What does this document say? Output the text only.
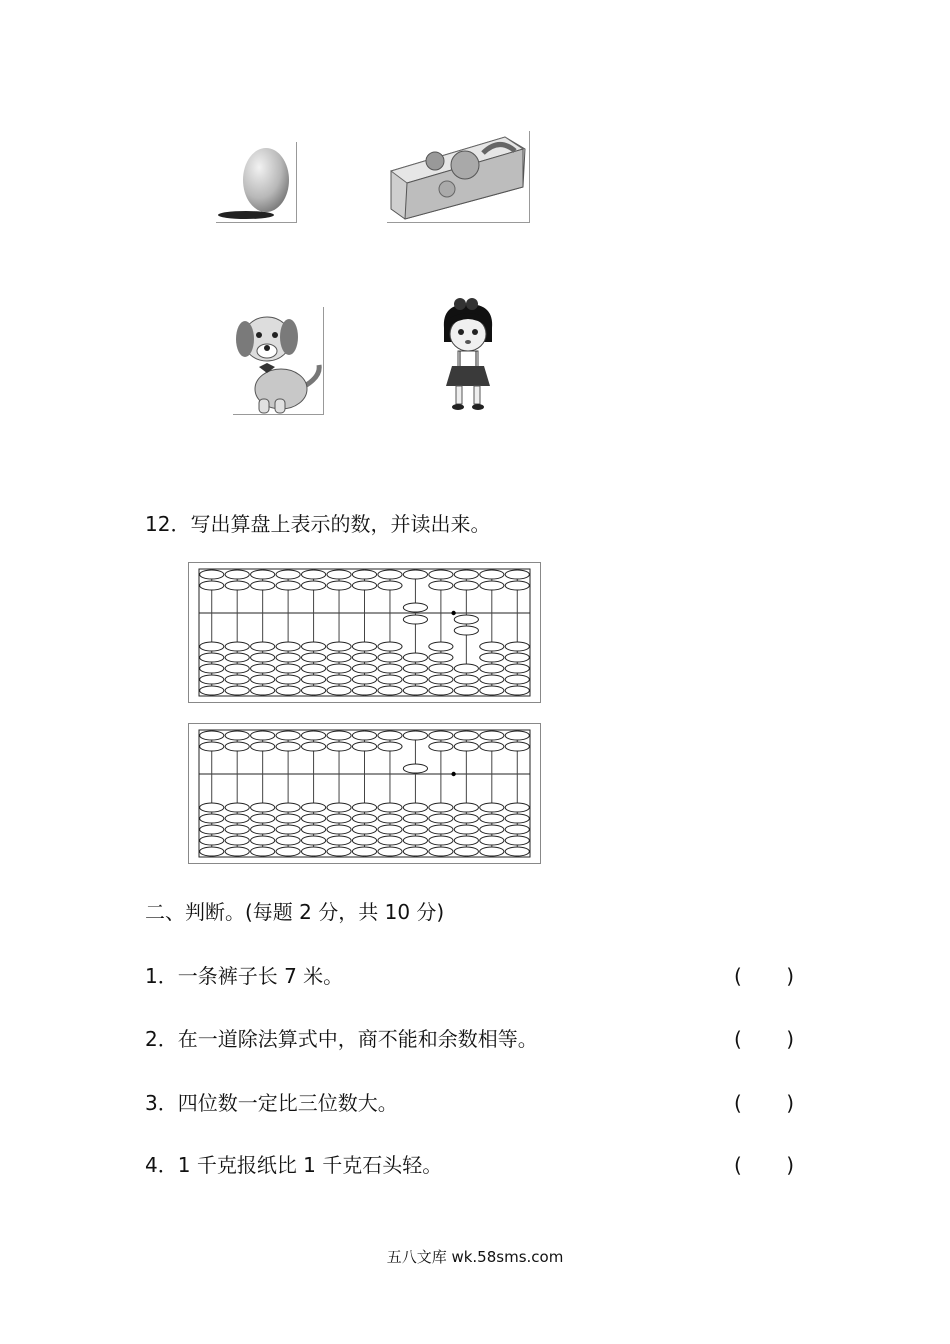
12．写出算盘上表示的数，并读出来。
二、判断。(每题 2 分，共 10 分)
1．一条裤子长 7 米。	(       )
2．在一道除法算式中，商不能和余数相等。	(       )
3．四位数一定比三位数大。	(       )
4．1 千克报纸比 1 千克石头轻。	(       )
五八文库 wk.58sms.com
